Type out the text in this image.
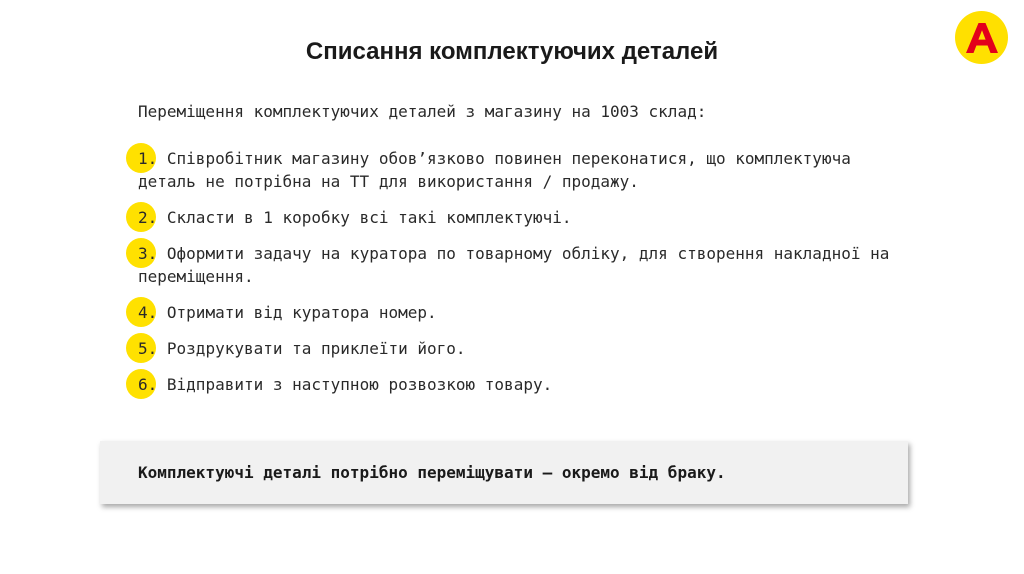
Списання комплектуючих деталей

Переміщення комплектуючих деталей з магазину на 1003 склад:

1. Співробітник магазину обов’язково повинен переконатися, що комплектуюча деталь не потрібна на ТТ для використання / продажу.
2. Скласти в 1 коробку всі такі комплектуючі.
3. Оформити задачу на куратора по товарному обліку, для створення накладної на переміщення.
4. Отримати від куратора номер.
5. Роздрукувати та приклеїти його.
6. Відправити з наступною розвозкою товару.

Комплектуючі деталі потрібно переміщувати – окремо від браку.
